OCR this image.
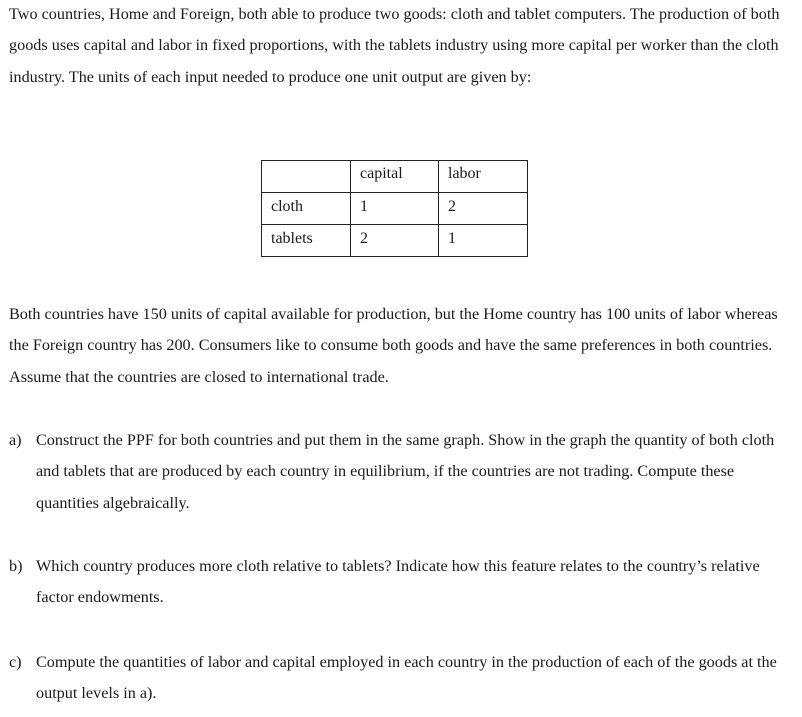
Two countries, Home and Foreign, both able to produce two goods: cloth and tablet computers. The production of both goods uses capital and labor in fixed proportions, with the tablets industry using more capital per worker than the cloth industry. The units of each input needed to produce one unit output are given by:

	capital	labor
cloth	1	2
tablets	2	1

Both countries have 150 units of capital available for production, but the Home country has 100 units of labor whereas the Foreign country has 200. Consumers like to consume both goods and have the same preferences in both countries. Assume that the countries are closed to international trade.

a) Construct the PPF for both countries and put them in the same graph. Show in the graph the quantity of both cloth and tablets that are produced by each country in equilibrium, if the countries are not trading. Compute these quantities algebraically.
b) Which country produces more cloth relative to tablets? Indicate how this feature relates to the country’s relative factor endowments.
c) Compute the quantities of labor and capital employed in each country in the production of each of the goods at the output levels in a).
